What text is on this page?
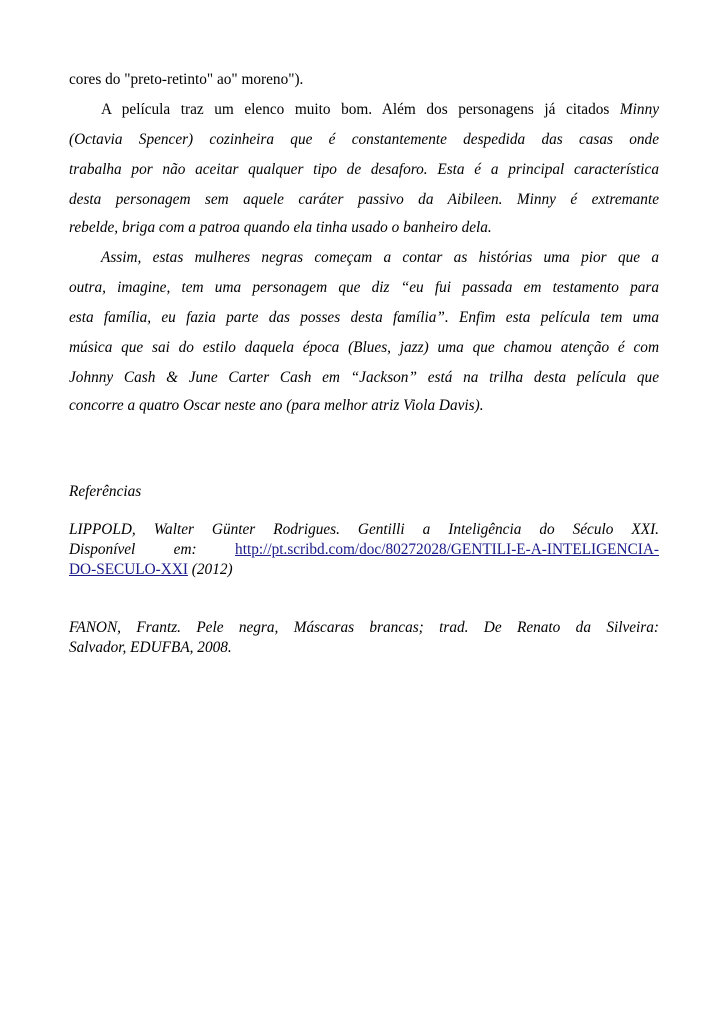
cores do "preto-retinto" ao" moreno").
A película traz um elenco muito bom. Além dos personagens já citados Minny
(Octavia Spencer) cozinheira que é constantemente despedida das casas onde
trabalha por não aceitar qualquer tipo de desaforo. Esta é a principal característica
desta personagem sem aquele caráter passivo da Aibileen. Minny é extremante
rebelde, briga com a patroa quando ela tinha usado o banheiro dela.
Assim, estas mulheres negras começam a contar as histórias uma pior que a
outra, imagine, tem uma personagem que diz “eu fui passada em testamento para
esta família, eu fazia parte das posses desta família”. Enfim esta película tem uma
música que sai do estilo daquela época (Blues, jazz) uma que chamou atenção é com
Johnny Cash & June Carter Cash em “Jackson” está na trilha desta película que
concorre a quatro Oscar neste ano (para melhor atriz Viola Davis).
Referências
LIPPOLD, Walter Günter Rodrigues. Gentilli a Inteligência do Século XXI.
Disponível em:	http://pt.scribd.com/doc/80272028/GENTILI-E-A-INTELIGENCIA-
DO-SECULO-XXI (2012)
FANON, Frantz. Pele negra, Máscaras brancas; trad. De Renato da Silveira:
Salvador, EDUFBA, 2008.
